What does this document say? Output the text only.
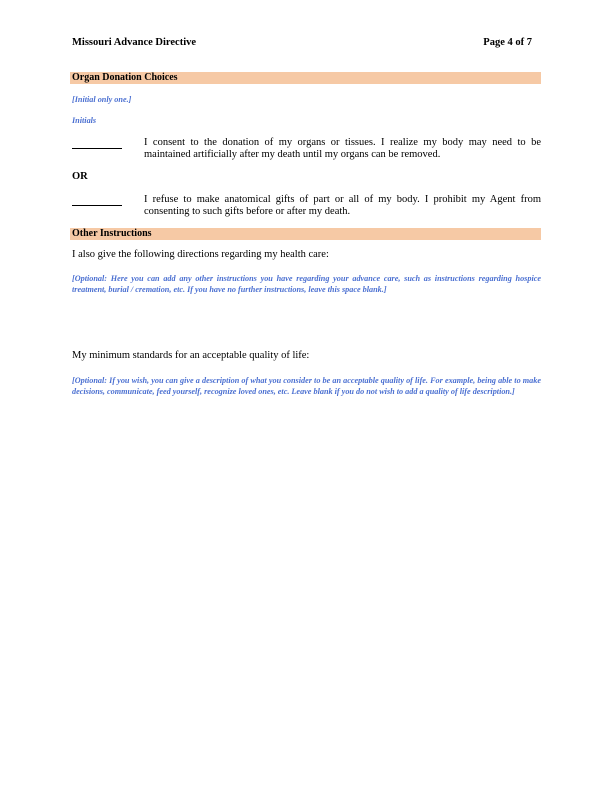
Missouri Advance Directive	Page 4 of 7
Organ Donation Choices
[Initial only one.]
Initials
I consent to the donation of my organs or tissues. I realize my body may need to be maintained artificially after my death until my organs can be removed.
OR
I refuse to make anatomical gifts of part or all of my body. I prohibit my Agent from consenting to such gifts before or after my death.
Other Instructions
I also give the following directions regarding my health care:
[Optional: Here you can add any other instructions you have regarding your advance care, such as instructions regarding hospice treatment, burial / cremation, etc. If you have no further instructions, leave this space blank.]
My minimum standards for an acceptable quality of life:
[Optional: If you wish, you can give a description of what you consider to be an acceptable quality of life. For example, being able to make decisions, communicate, feed yourself, recognize loved ones, etc. Leave blank if you do not wish to add a quality of life description.]
